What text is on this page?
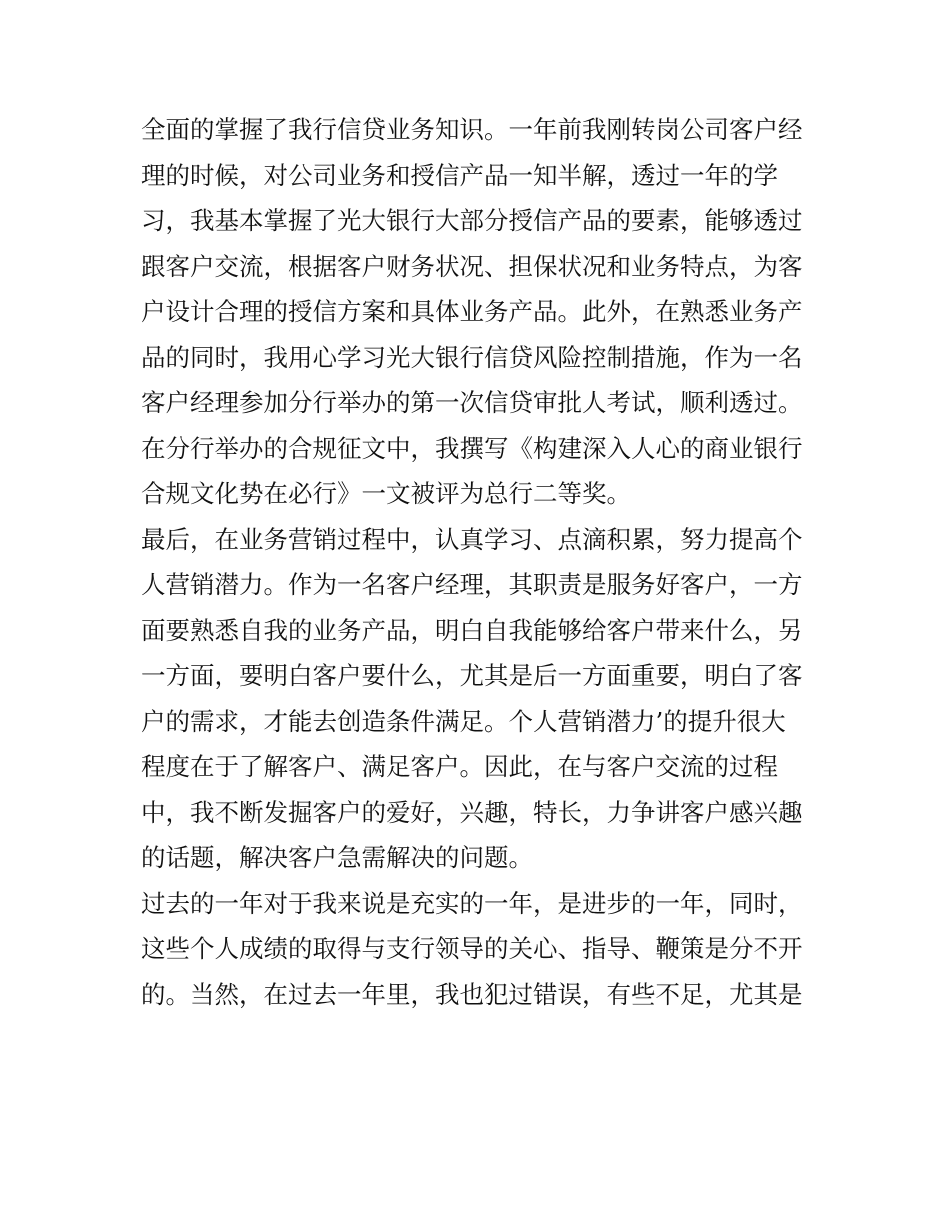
全面的掌握了我行信贷业务知识。一年前我刚转岗公司客户经
理的时候，对公司业务和授信产品一知半解，透过一年的学
习，我基本掌握了光大银行大部分授信产品的要素，能够透过
跟客户交流，根据客户财务状况、担保状况和业务特点，为客
户设计合理的授信方案和具体业务产品。此外，在熟悉业务产
品的同时，我用心学习光大银行信贷风险控制措施，作为一名
客户经理参加分行举办的第一次信贷审批人考试，顺利透过。
在分行举办的合规征文中，我撰写《构建深入人心的商业银行
合规文化势在必行》一文被评为总行二等奖。
最后，在业务营销过程中，认真学习、点滴积累，努力提高个
人营销潜力。作为一名客户经理，其职责是服务好客户，一方
面要熟悉自我的业务产品，明白自我能够给客户带来什么，另
一方面，要明白客户要什么，尤其是后一方面重要，明白了客
户的需求，才能去创造条件满足。个人营销潜力’的提升很大
程度在于了解客户、满足客户。因此，在与客户交流的过程
中，我不断发掘客户的爱好，兴趣，特长，力争讲客户感兴趣
的话题，解决客户急需解决的问题。
过去的一年对于我来说是充实的一年，是进步的一年，同时，
这些个人成绩的取得与支行领导的关心、指导、鞭策是分不开
的。当然，在过去一年里，我也犯过错误，有些不足，尤其是
